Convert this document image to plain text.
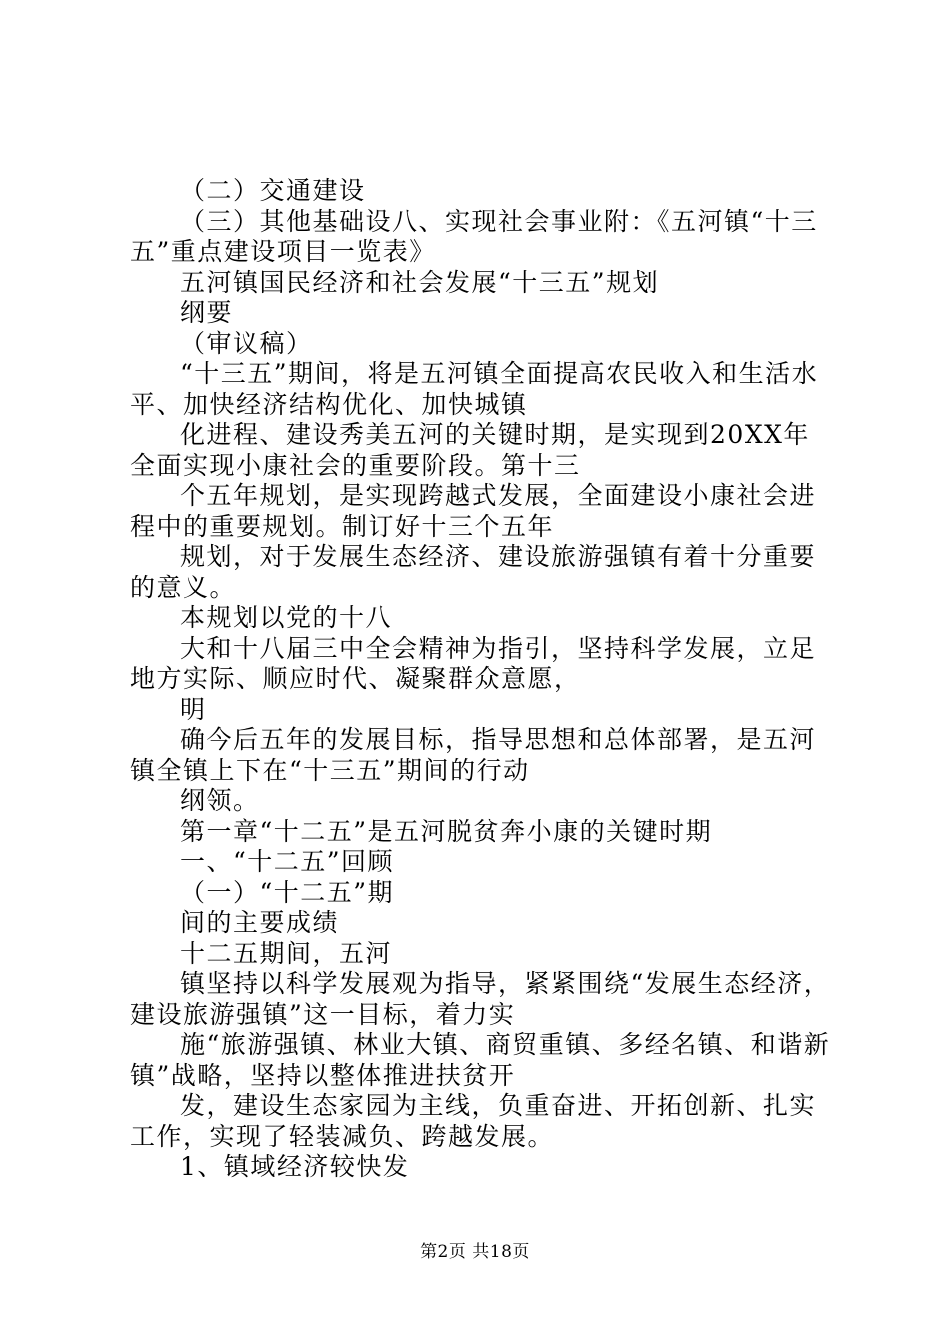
（二）交通建设

（三）其他基础设八、实现社会事业附：《五河镇“十三五”重点建设项目一览表》

五河镇国民经济和社会发展“十三五”规划

纲要

（审议稿）

“十三五”期间，将是五河镇全面提高农民收入和生活水平、加快经济结构优化、加快城镇

化进程、建设秀美五河的关键时期，是实现到20XX年全面实现小康社会的重要阶段。第十三

个五年规划，是实现跨越式发展，全面建设小康社会进程中的重要规划。制订好十三个五年

规划，对于发展生态经济、建设旅游强镇有着十分重要的意义。

本规划以党的十八

大和十八届三中全会精神为指引，坚持科学发展，立足地方实际、顺应时代、凝聚群众意愿，

明

确今后五年的发展目标，指导思想和总体部署，是五河镇全镇上下在“十三五”期间的行动

纲领。

第一章“十二五”是五河脱贫奔小康的关键时期

一、“十二五”回顾

（一）“十二五”期

间的主要成绩

十二五期间，五河

镇坚持以科学发展观为指导，紧紧围绕“发展生态经济，建设旅游强镇”这一目标，着力实

施“旅游强镇、林业大镇、商贸重镇、多经名镇、和谐新镇”战略，坚持以整体推进扶贫开

发，建设生态家园为主线，负重奋进、开拓创新、扎实工作，实现了轻装减负、跨越发展。

1、镇域经济较快发

第2页 共18页
